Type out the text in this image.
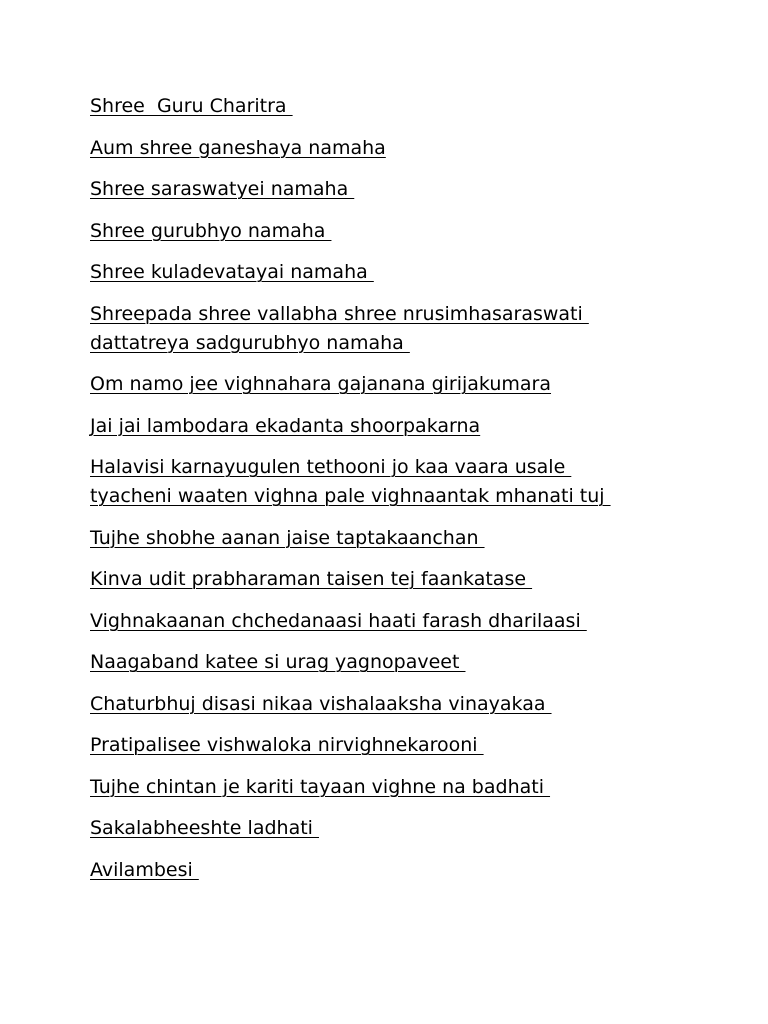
Shree  Guru Charitra

Aum shree ganeshaya namaha

Shree saraswatyei namaha

Shree gurubhyo namaha

Shree kuladevatayai namaha

Shreepada shree vallabha shree nrusimhasaraswati
dattatreya sadgurubhyo namaha

Om namo jee vighnahara gajanana girijakumara

Jai jai lambodara ekadanta shoorpakarna

Halavisi karnayugulen tethooni jo kaa vaara usale
tyacheni waaten vighna pale vighnaantak mhanati tuj

Tujhe shobhe aanan jaise taptakaanchan

Kinva udit prabharaman taisen tej faankatase

Vighnakaanan chchedanaasi haati farash dharilaasi

Naagaband katee si urag yagnopaveet

Chaturbhuj disasi nikaa vishalaaksha vinayakaa

Pratipalisee vishwaloka nirvighnekarooni

Tujhe chintan je kariti tayaan vighne na badhati

Sakalabheeshte ladhati

Avilambesi
